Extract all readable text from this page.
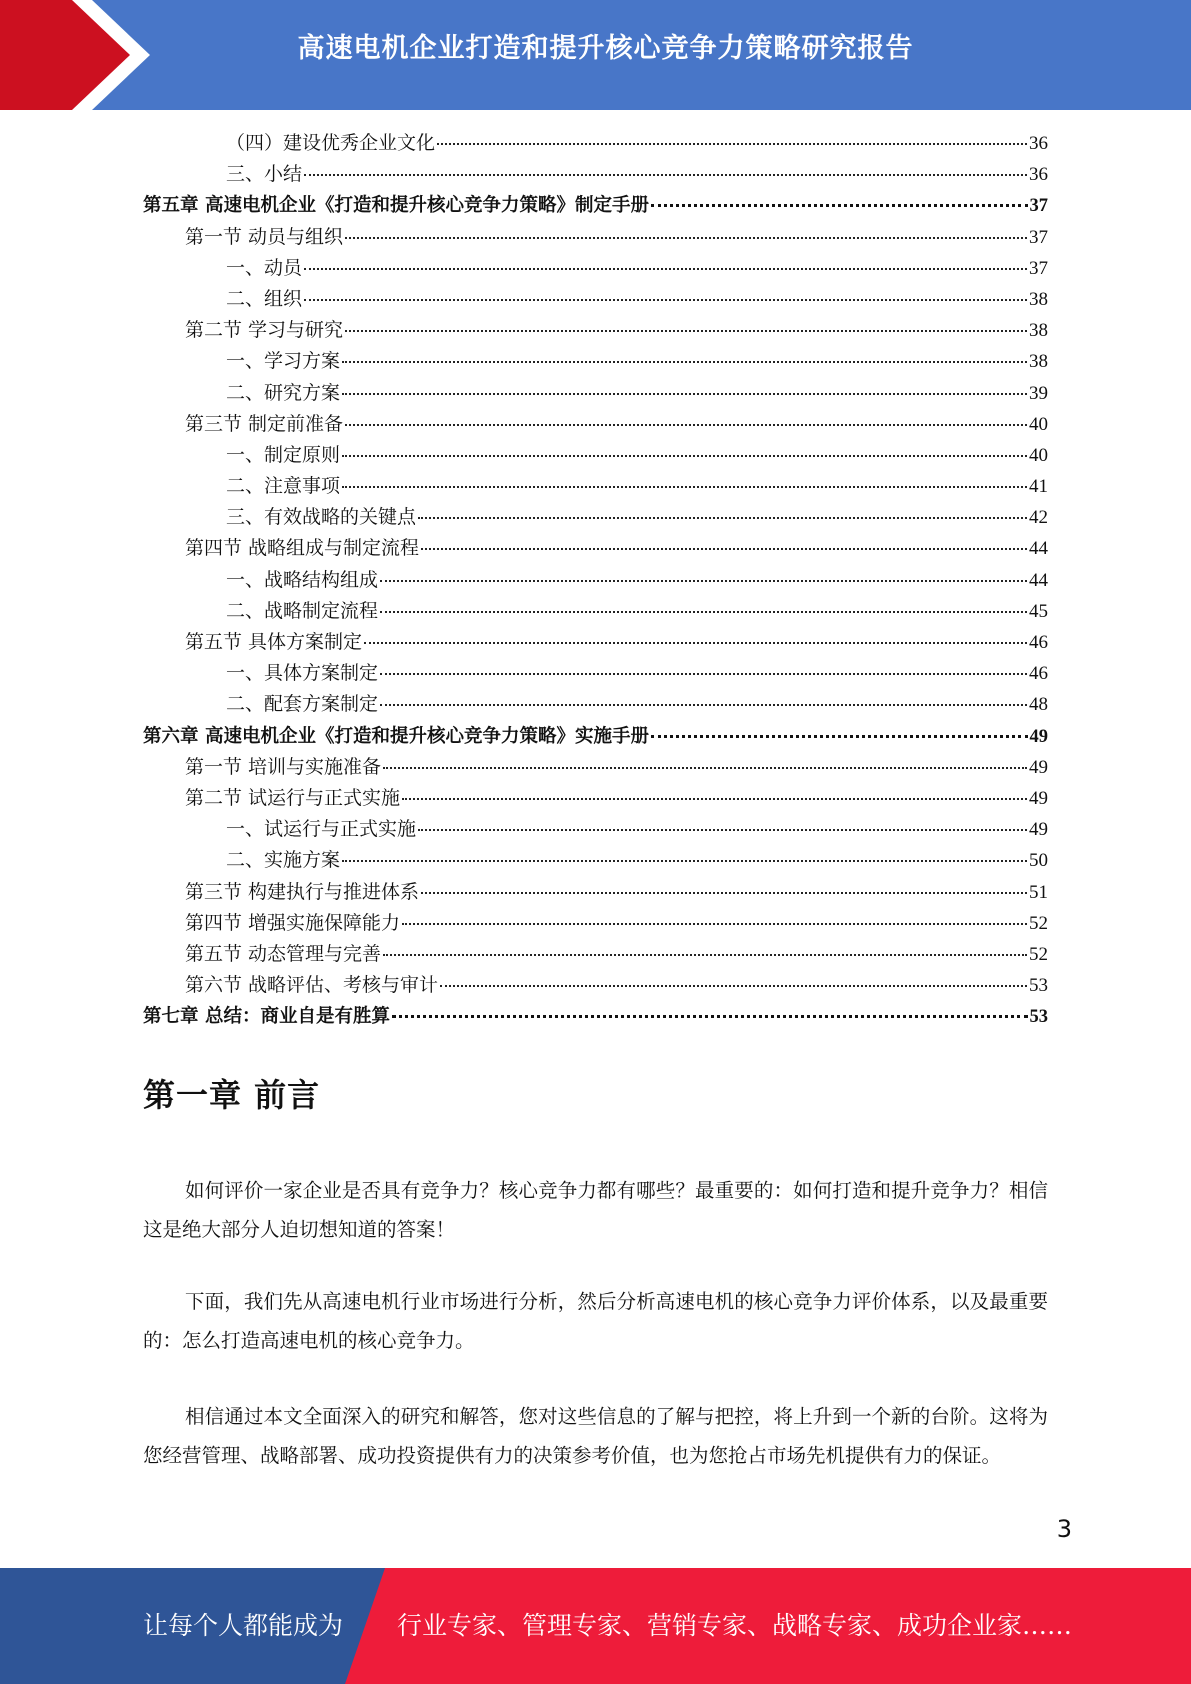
高速电机企业打造和提升核心竞争力策略研究报告
（四）建设优秀企业文化	36
三、小结	36
第五章 高速电机企业《打造和提升核心竞争力策略》制定手册	37
第一节 动员与组织	37
一、动员	37
二、组织	38
第二节 学习与研究	38
一、学习方案	38
二、研究方案	39
第三节 制定前准备	40
一、制定原则	40
二、注意事项	41
三、有效战略的关键点	42
第四节 战略组成与制定流程	44
一、战略结构组成	44
二、战略制定流程	45
第五节 具体方案制定	46
一、具体方案制定	46
二、配套方案制定	48
第六章 高速电机企业《打造和提升核心竞争力策略》实施手册	49
第一节 培训与实施准备	49
第二节 试运行与正式实施	49
一、试运行与正式实施	49
二、实施方案	50
第三节 构建执行与推进体系	51
第四节 增强实施保障能力	52
第五节 动态管理与完善	52
第六节 战略评估、考核与审计	53
第七章 总结：商业自是有胜算	53
第一章 前言

如何评价一家企业是否具有竞争力？核心竞争力都有哪些？最重要的：如何打造和提升竞争力？相信这是绝大部分人迫切想知道的答案！

下面，我们先从高速电机行业市场进行分析，然后分析高速电机的核心竞争力评价体系，以及最重要的：怎么打造高速电机的核心竞争力。

相信通过本文全面深入的研究和解答，您对这些信息的了解与把控，将上升到一个新的台阶。这将为您经营管理、战略部署、成功投资提供有力的决策参考价值，也为您抢占市场先机提供有力的保证。

3
让每个人都能成为 行业专家、管理专家、营销专家、战略专家、成功企业家……
